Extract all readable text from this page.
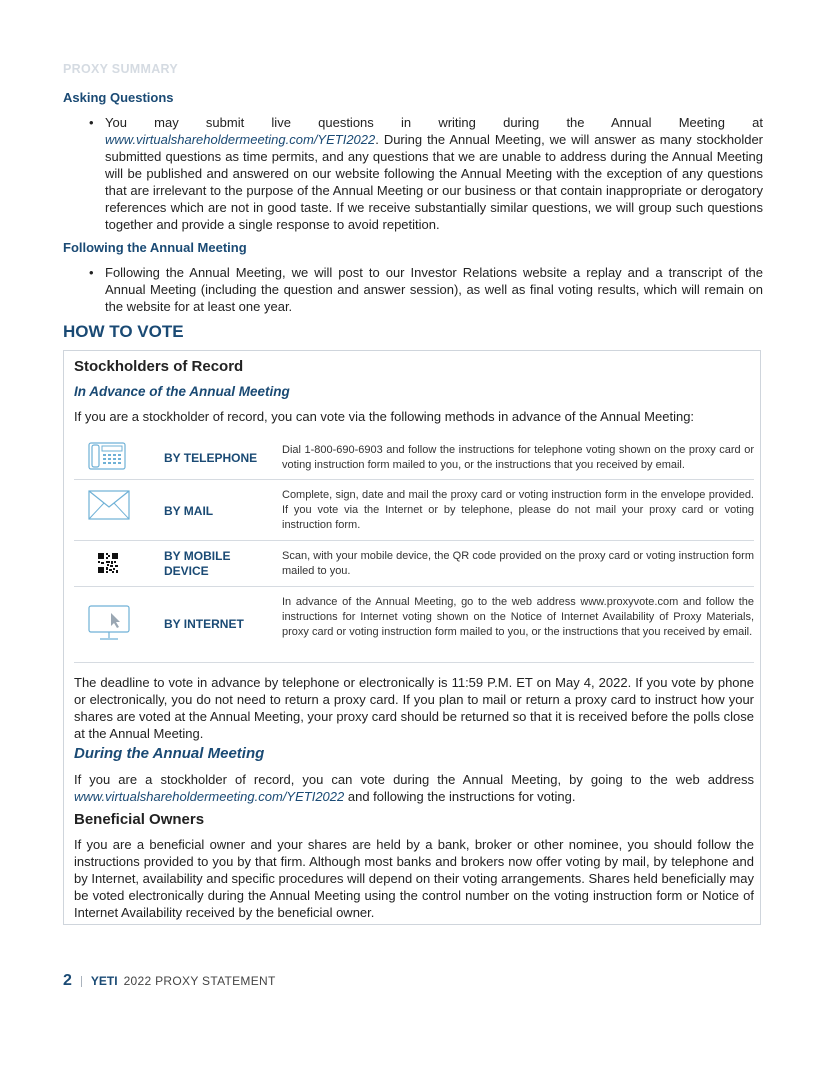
PROXY SUMMARY
Asking Questions
• You may submit live questions in writing during the Annual Meeting at www.virtualshareholdermeeting.com/YETI2022. During the Annual Meeting, we will answer as many stockholder submitted questions as time permits, and any questions that we are unable to address during the Annual Meeting will be published and answered on our website following the Annual Meeting with the exception of any questions that are irrelevant to the purpose of the Annual Meeting or our business or that contain inappropriate or derogatory references which are not in good taste. If we receive substantially similar questions, we will group such questions together and provide a single response to avoid repetition.
Following the Annual Meeting
• Following the Annual Meeting, we will post to our Investor Relations website a replay and a transcript of the Annual Meeting (including the question and answer session), as well as final voting results, which will remain on the website for at least one year.
HOW TO VOTE
Stockholders of Record
In Advance of the Annual Meeting
If you are a stockholder of record, you can vote via the following methods in advance of the Annual Meeting:
BY TELEPHONE
Dial 1-800-690-6903 and follow the instructions for telephone voting shown on the proxy card or voting instruction form mailed to you, or the instructions that you received by email.
BY MAIL
Complete, sign, date and mail the proxy card or voting instruction form in the envelope provided. If you vote via the Internet or by telephone, please do not mail your proxy card or voting instruction form.
BY MOBILE DEVICE
Scan, with your mobile device, the QR code provided on the proxy card or voting instruction form mailed to you.
BY INTERNET
In advance of the Annual Meeting, go to the web address www.proxyvote.com and follow the instructions for Internet voting shown on the Notice of Internet Availability of Proxy Materials, proxy card or voting instruction form mailed to you, or the instructions that you received by email.
The deadline to vote in advance by telephone or electronically is 11:59 P.M. ET on May 4, 2022. If you vote by phone or electronically, you do not need to return a proxy card. If you plan to mail or return a proxy card to instruct how your shares are voted at the Annual Meeting, your proxy card should be returned so that it is received before the polls close at the Annual Meeting.
During the Annual Meeting
If you are a stockholder of record, you can vote during the Annual Meeting, by going to the web address www.virtualshareholdermeeting.com/YETI2022 and following the instructions for voting.
Beneficial Owners
If you are a beneficial owner and your shares are held by a bank, broker or other nominee, you should follow the instructions provided to you by that firm. Although most banks and brokers now offer voting by mail, by telephone and by Internet, availability and specific procedures will depend on their voting arrangements. Shares held beneficially may be voted electronically during the Annual Meeting using the control number on the voting instruction form or Notice of Internet Availability received by the beneficial owner.
2 YETI 2022 PROXY STATEMENT
